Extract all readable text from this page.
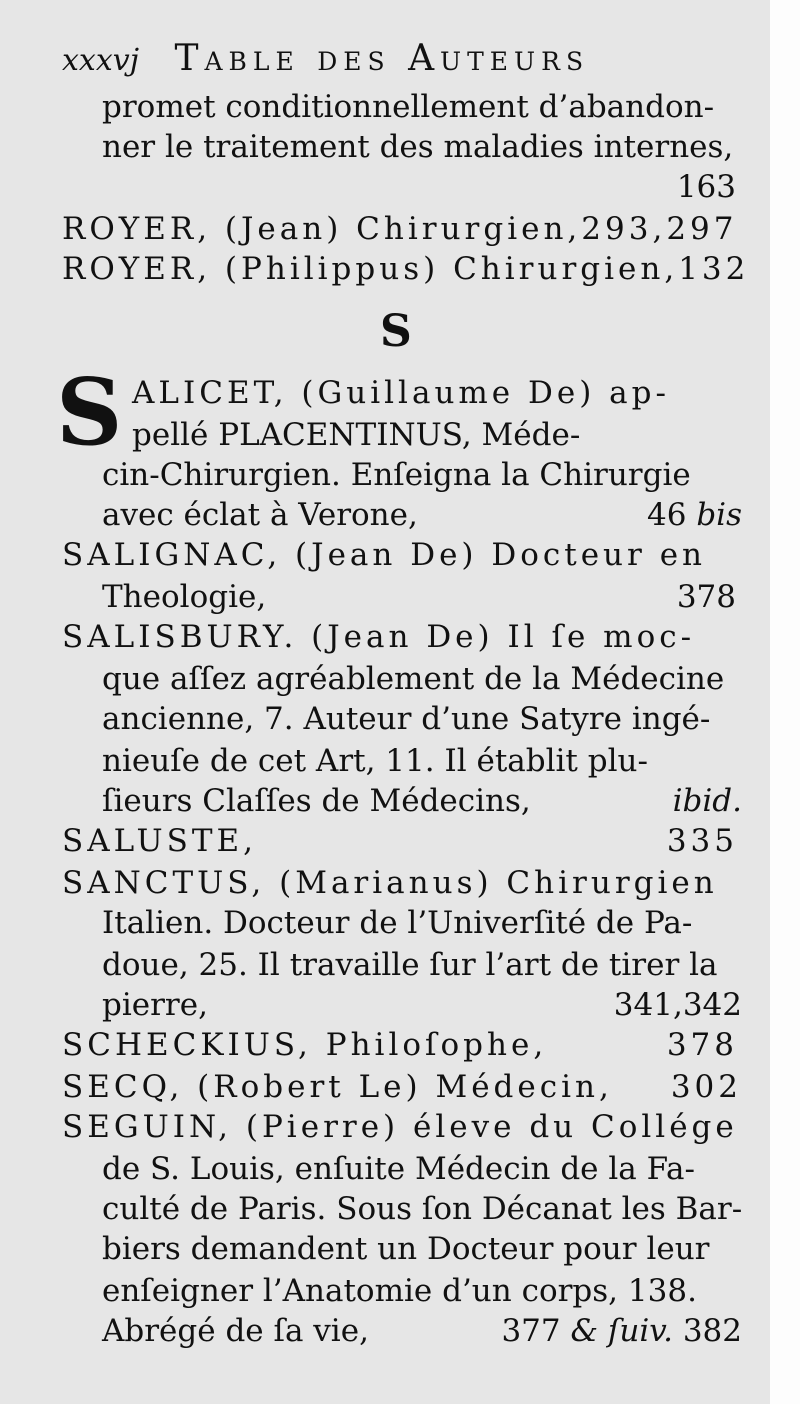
xxxvj Table des Auteurs
promet conditionnellement d’abandon-
ner le traitement des maladies internes,
163
ROYER, (Jean) Chirurgien, 293,297
ROYER, (Philippus) Chirurgien, 132
S
S ALICET, (Guillaume De) ap-
pellé PLACENTINUS, Méde-
cin-Chirurgien. Enſeigna la Chirurgie
avec éclat à Verone,	46 bis
SALIGNAC, (Jean De) Docteur en
Theologie,	378
SALISBURY. (Jean De) Il ſe moc-
que aſſez agréablement de la Médecine
ancienne, 7. Auteur d’une Satyre ingé-
nieuſe de cet Art, 11. Il établit plu-
ſieurs Claſſes de Médecins,	ibid.
SALUSTE,	335
SANCTUS, (Marianus) Chirurgien
Italien. Docteur de l’Univerſité de Pa-
doue, 25. Il travaille ſur l’art de tirer la
pierre,	341,342
SCHECKIUS, Philoſophe,	378
SECQ, (Robert Le) Médecin, 302
SEGUIN, (Pierre) éleve du Collége
de S. Louis, enſuite Médecin de la Fa-
culté de Paris. Sous ſon Décanat les Bar-
biers demandent un Docteur pour leur
enſeigner l’Anatomie d’un corps, 138.
Abrégé de ſa vie,	377 & ſuiv. 382
